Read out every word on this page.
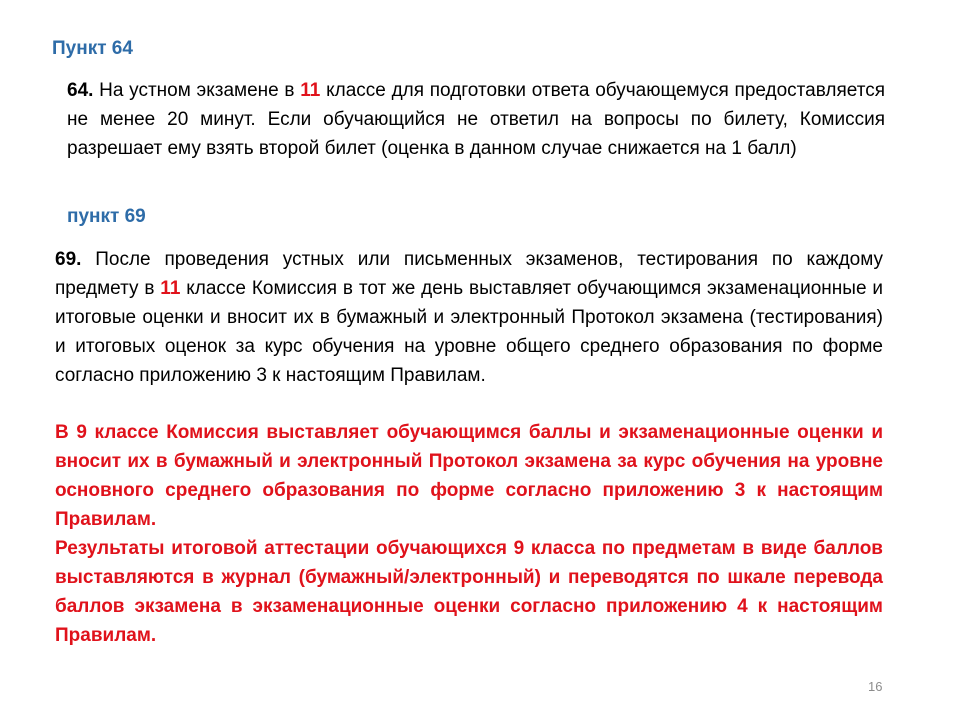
Пункт 64

64. На устном экзамене в 11 классе для подготовки ответа обучающемуся предоставляется не менее 20 минут. Если обучающийся не ответил на вопросы по билету, Комиссия разрешает ему взять второй билет (оценка в данном случае снижается на 1 балл)

пункт 69

69. После проведения устных или письменных экзаменов, тестирования по каждому предмету в 11 классе Комиссия в тот же день выставляет обучающимся экзаменационные и итоговые оценки и вносит их в бумажный и электронный Протокол экзамена (тестирования) и итоговых оценок за курс обучения на уровне общего среднего образования по форме согласно приложению 3 к настоящим Правилам.

В 9 классе Комиссия выставляет обучающимся баллы и экзаменационные оценки и вносит их в бумажный и электронный Протокол экзамена за курс обучения на уровне основного среднего образования по форме согласно приложению 3 к настоящим Правилам.

Результаты итоговой аттестации обучающихся 9 класса по предметам в виде баллов выставляются в журнал (бумажный/электронный) и переводятся по шкале перевода баллов экзамена в экзаменационные оценки согласно приложению 4 к настоящим Правилам.

16
